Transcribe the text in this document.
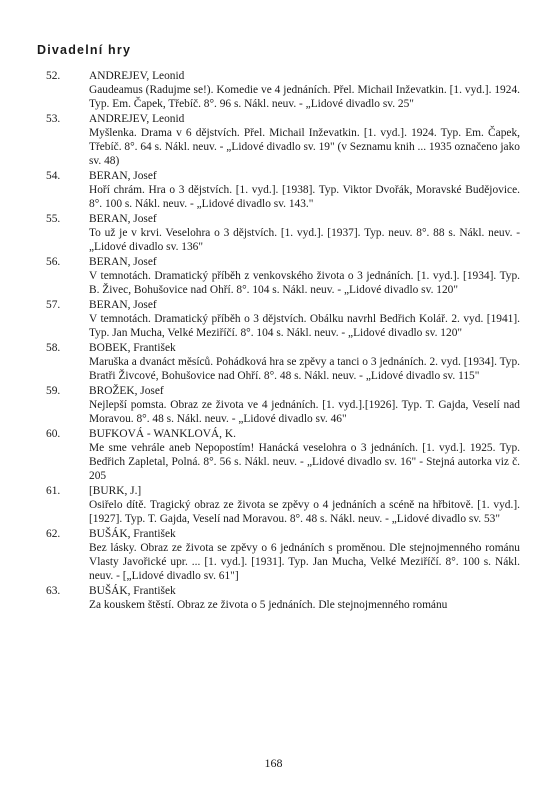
Divadelní hry
52.	ANDREJEV, Leonid
Gaudeamus (Radujme se!). Komedie ve 4 jednáních. Přel. Michail Inževatkin. [1. vyd.]. 1924. Typ. Em. Čapek, Třebíč. 8°. 96 s. Nákl. neuv. - „Lidové divadlo sv. 25"
53.	ANDREJEV, Leonid
Myšlenka. Drama v 6 dějstvích. Přel. Michail Inževatkin. [1. vyd.]. 1924. Typ. Em. Čapek, Třebíč. 8°. 64 s. Nákl. neuv. - „Lidové divadlo sv. 19" (v Seznamu knih ... 1935 označeno jako sv. 48)
54.	BERAN, Josef
Hoří chrám. Hra o 3 dějstvích. [1. vyd.]. [1938]. Typ. Viktor Dvořák, Moravské Budějovice. 8°. 100 s. Nákl. neuv. - „Lidové divadlo sv. 143."
55.	BERAN, Josef
To už je v krvi. Veselohra o 3 dějstvích. [1. vyd.]. [1937]. Typ. neuv. 8°. 88 s. Nákl. neuv. - „Lidové divadlo sv. 136"
56.	BERAN, Josef
V temnotách. Dramatický příběh z venkovského života o 3 jednáních. [1. vyd.]. [1934]. Typ. B. Živec, Bohušovice nad Ohří. 8°. 104 s. Nákl. neuv. - „Lidové divadlo sv. 120"
57.	BERAN, Josef
V temnotách. Dramatický příběh o 3 dějstvích. Obálku navrhl Bedřich Kolář. 2. vyd. [1941]. Typ. Jan Mucha, Velké Meziříčí. 8°. 104 s. Nákl. neuv. - „Lidové divadlo sv. 120"
58.	BOBEK, František
Maruška a dvanáct měsíců. Pohádková hra se zpěvy a tanci o 3 jednáních. 2. vyd. [1934]. Typ. Bratři Živcové, Bohušovice nad Ohří. 8°. 48 s. Nákl. neuv. - „Lidové divadlo sv. 115"
59.	BROŽEK, Josef
Nejlepší pomsta. Obraz ze života ve 4 jednáních. [1. vyd.].[1926]. Typ. T. Gajda, Veselí nad Moravou. 8°. 48 s. Nákl. neuv. - „Lidové divadlo sv. 46"
60.	BUFKOVÁ - WANKLOVÁ, K.
Me sme vehrále aneb Nepopostím! Hanácká veselohra o 3 jednáních. [1. vyd.]. 1925. Typ. Bedřich Zapletal, Polná. 8°. 56 s. Nákl. neuv. - „Lidové divadlo sv. 16" - Stejná autorka viz č. 205
61.	[BURK, J.]
Osiřelo dítě. Tragický obraz ze života se zpěvy o 4 jednáních a scéně na hřbitově. [1. vyd.]. [1927]. Typ. T. Gajda, Veselí nad Moravou. 8°. 48 s. Nákl. neuv. - „Lidové divadlo sv. 53"
62.	BUŠÁK, František
Bez lásky. Obraz ze života se zpěvy o 6 jednáních s proměnou. Dle stejnojmenného románu Vlasty Javořické upr. ... [1. vyd.]. [1931]. Typ. Jan Mucha, Velké Meziříčí. 8°. 100 s. Nákl. neuv. - [„Lidové divadlo sv. 61"]
63.	BUŠÁK, František
Za kouskem štěstí. Obraz ze života o 5 jednáních. Dle stejnojmenného románu
168
